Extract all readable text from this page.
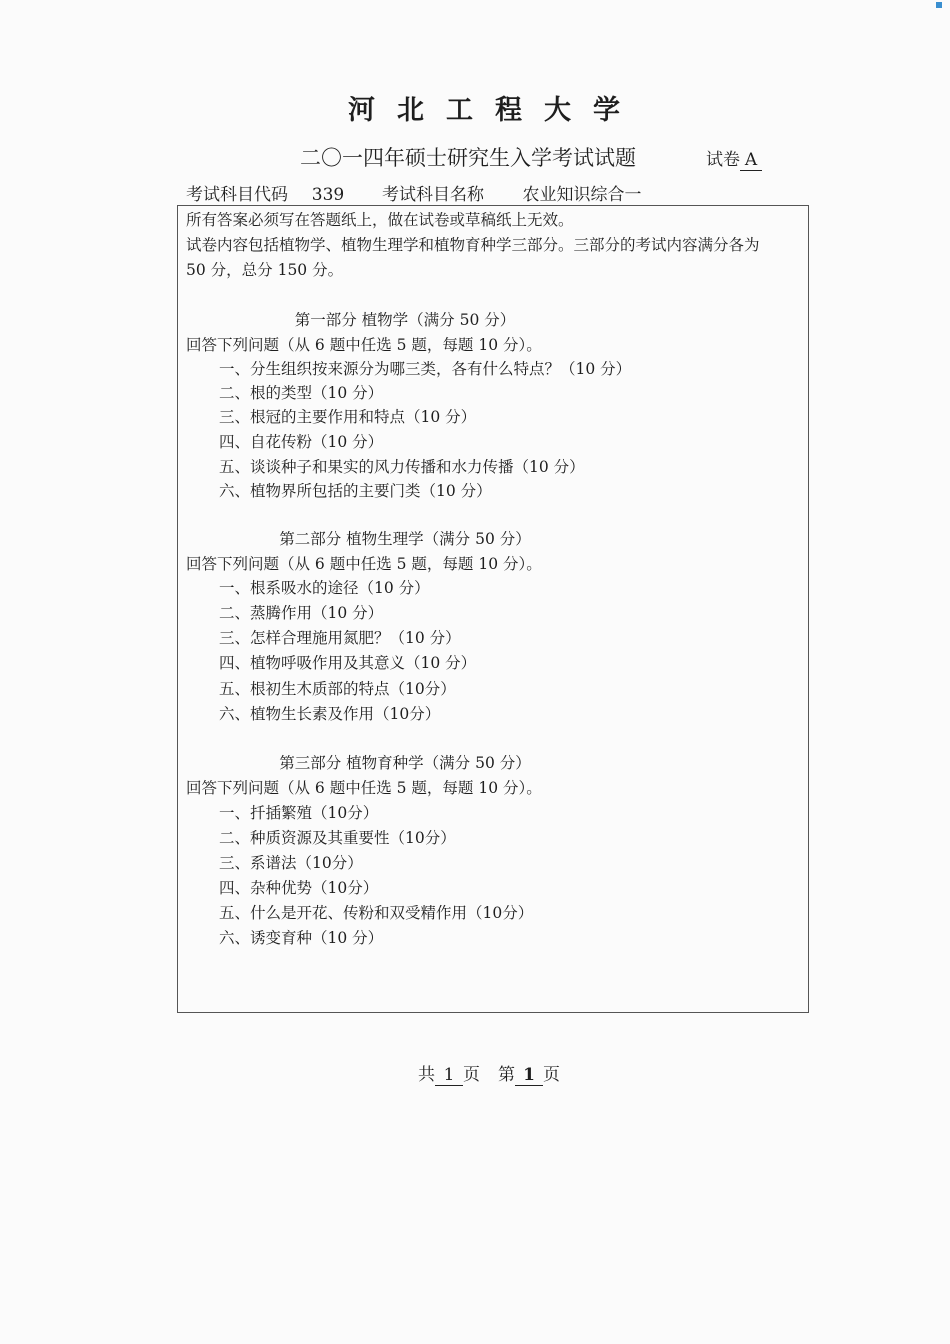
河北工程大学
二〇一四年硕士研究生入学考试试题	试卷 A
考试科目代码 339 考试科目名称 农业知识综合一
所有答案必须写在答题纸上，做在试卷或草稿纸上无效。
试卷内容包括植物学、植物生理学和植物育种学三部分。三部分的考试内容满分各为
50 分，总分 150 分。
第一部分 植物学（满分 50 分）
回答下列问题（从 6 题中任选 5 题，每题 10 分）。
一、分生组织按来源分为哪三类，各有什么特点？（10 分）
二、根的类型（10 分）
三、根冠的主要作用和特点（10 分）
四、自花传粉（10 分）
五、谈谈种子和果实的风力传播和水力传播（10 分）
六、植物界所包括的主要门类（10 分）
第二部分 植物生理学（满分 50 分）
回答下列问题（从 6 题中任选 5 题，每题 10 分）。
一、根系吸水的途径（10 分）
二、蒸腾作用（10 分）
三、怎样合理施用氮肥？（10 分）
四、植物呼吸作用及其意义（10 分）
五、根初生木质部的特点（10分）
六、植物生长素及作用（10分）
第三部分 植物育种学（满分 50 分）
回答下列问题（从 6 题中任选 5 题，每题 10 分）。
一、扦插繁殖（10分）
二、种质资源及其重要性（10分）
三、系谱法（10分）
四、杂种优势（10分）
五、什么是开花、传粉和双受精作用（10分）
六、诱变育种（10 分）
共 1 页 第 1 页
